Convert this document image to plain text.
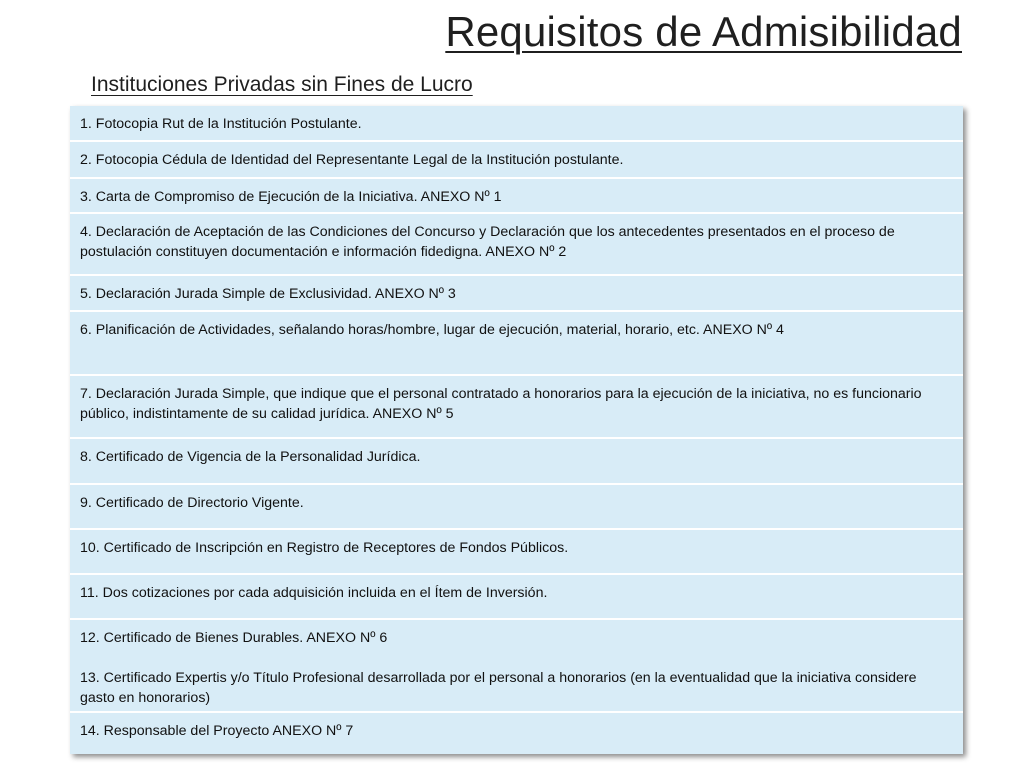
Requisitos de Admisibilidad
Instituciones Privadas sin Fines de Lucro

1. Fotocopia Rut de la Institución Postulante.

2. Fotocopia Cédula de Identidad del Representante Legal de la Institución postulante.

3. Carta de Compromiso de Ejecución de la Iniciativa. ANEXO Nº 1

4. Declaración de Aceptación de las Condiciones del Concurso y Declaración que los antecedentes presentados en el proceso de postulación constituyen documentación e información fidedigna. ANEXO Nº 2

5. Declaración Jurada Simple de Exclusividad. ANEXO Nº 3

6. Planificación de Actividades, señalando horas/hombre, lugar de ejecución, material, horario, etc. ANEXO Nº 4

7. Declaración Jurada Simple, que indique que el personal contratado a honorarios para la ejecución de la iniciativa, no es funcionario público, indistintamente de su calidad jurídica. ANEXO Nº 5

8. Certificado de Vigencia de la Personalidad Jurídica.

9. Certificado de Directorio Vigente.

10. Certificado de Inscripción en Registro de Receptores de Fondos Públicos.

11. Dos cotizaciones por cada adquisición incluida en el Ítem de Inversión.

12. Certificado de Bienes Durables. ANEXO Nº 6

13. Certificado Expertis y/o Título Profesional desarrollada por el personal a honorarios (en la eventualidad que la iniciativa considere gasto en honorarios)

14. Responsable del Proyecto ANEXO Nº 7
